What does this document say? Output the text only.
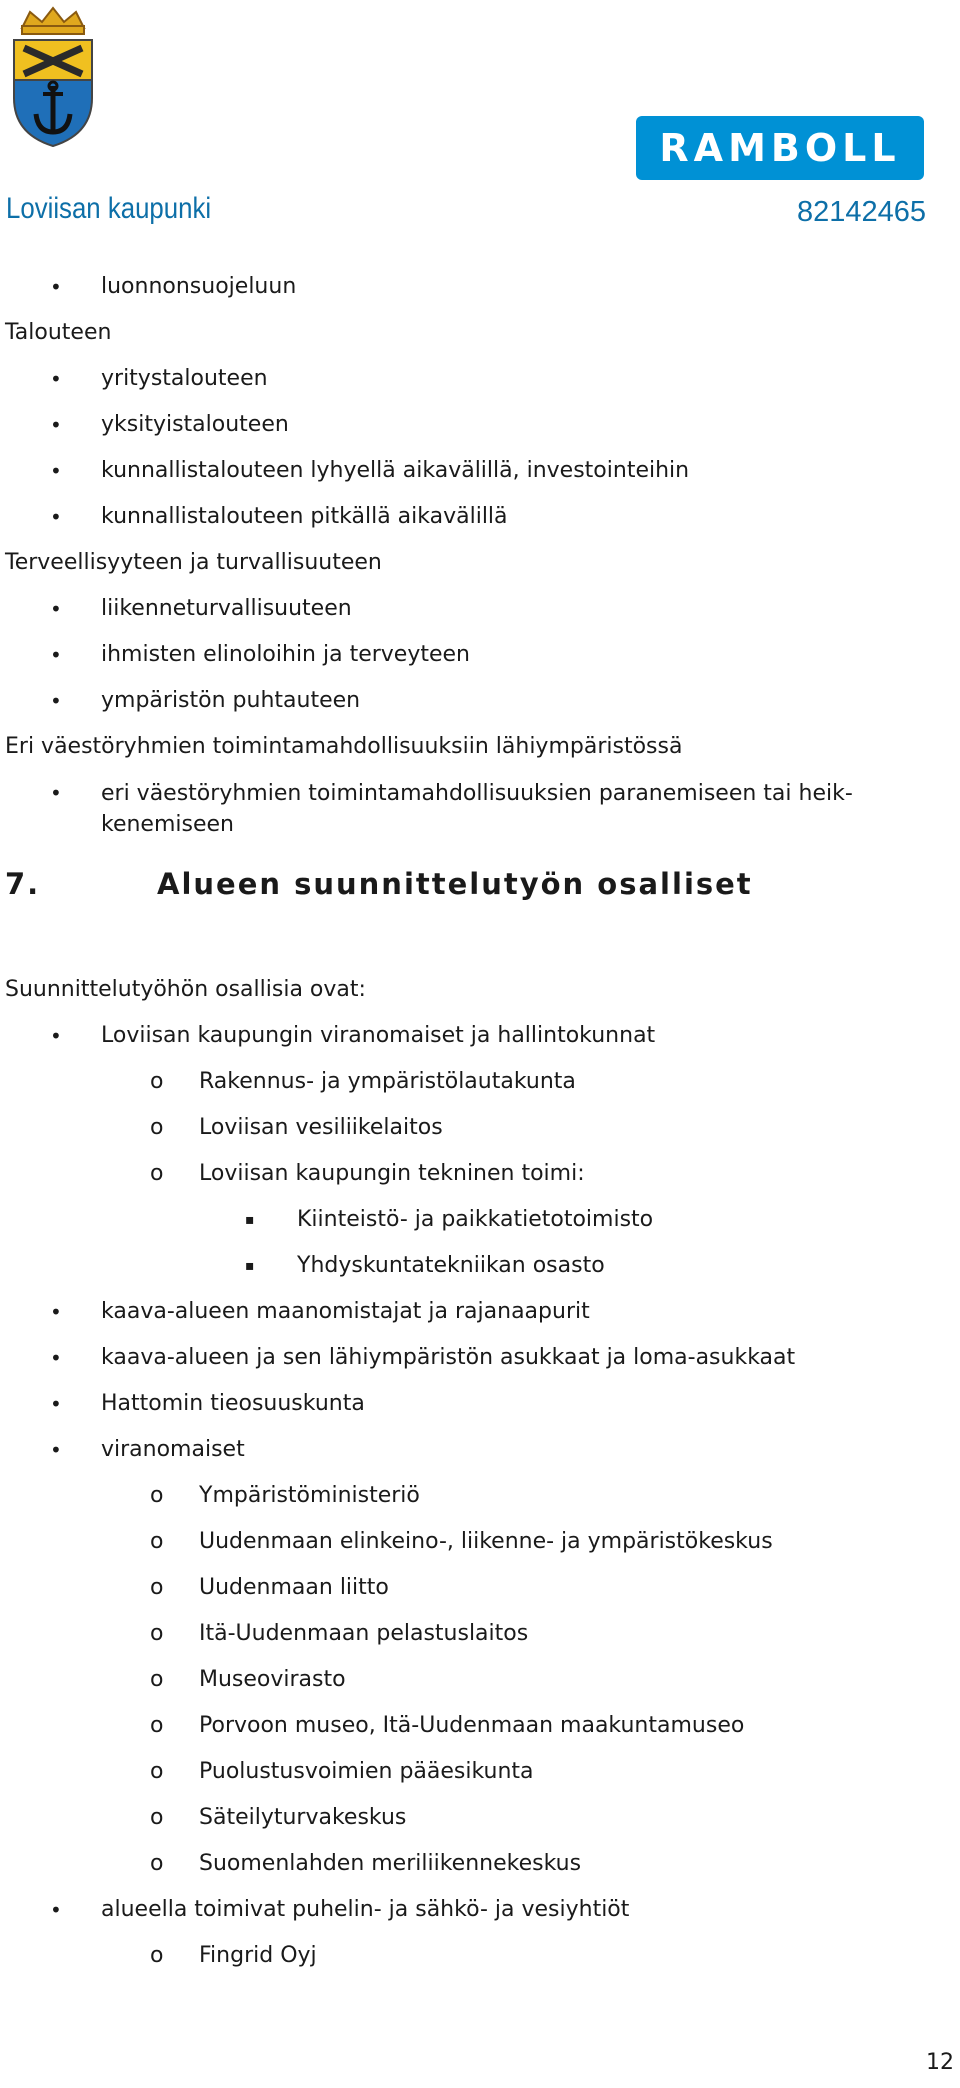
RAMBOLL
Loviisan kaupunki	82142465
• luonnonsuojeluun
Talouteen
• yritystalouteen
• yksityistalouteen
• kunnallistalouteen lyhyellä aikavälillä, investointeihin
• kunnallistalouteen pitkällä aikavälillä
Terveellisyyteen ja turvallisuuteen
• liikenneturvallisuuteen
• ihmisten elinoloihin ja terveyteen
• ympäristön puhtauteen
Eri väestöryhmien toimintamahdollisuuksiin lähiympäristössä
• eri väestöryhmien toimintamahdollisuuksien paranemiseen tai heik-kenemiseen
7.	Alueen suunnittelutyön osalliset
Suunnittelutyöhön osallisia ovat:
• Loviisan kaupungin viranomaiset ja hallintokunnat
o Rakennus- ja ympäristölautakunta
o Loviisan vesiliikelaitos
o Loviisan kaupungin tekninen toimi:
▪ Kiinteistö- ja paikkatietotoimisto
▪ Yhdyskuntatekniikan osasto
• kaava-alueen maanomistajat ja rajanaapurit
• kaava-alueen ja sen lähiympäristön asukkaat ja loma-asukkaat
• Hattomin tieosuuskunta
• viranomaiset
o Ympäristöministeriö
o Uudenmaan elinkeino-, liikenne- ja ympäristökeskus
o Uudenmaan liitto
o Itä-Uudenmaan pelastuslaitos
o Museovirasto
o Porvoon museo, Itä-Uudenmaan maakuntamuseo
o Puolustusvoimien pääesikunta
o Säteilyturvakeskus
o Suomenlahden meriliikennekeskus
• alueella toimivat puhelin- ja sähkö- ja vesiyhtiöt
o Fingrid Oyj
12
